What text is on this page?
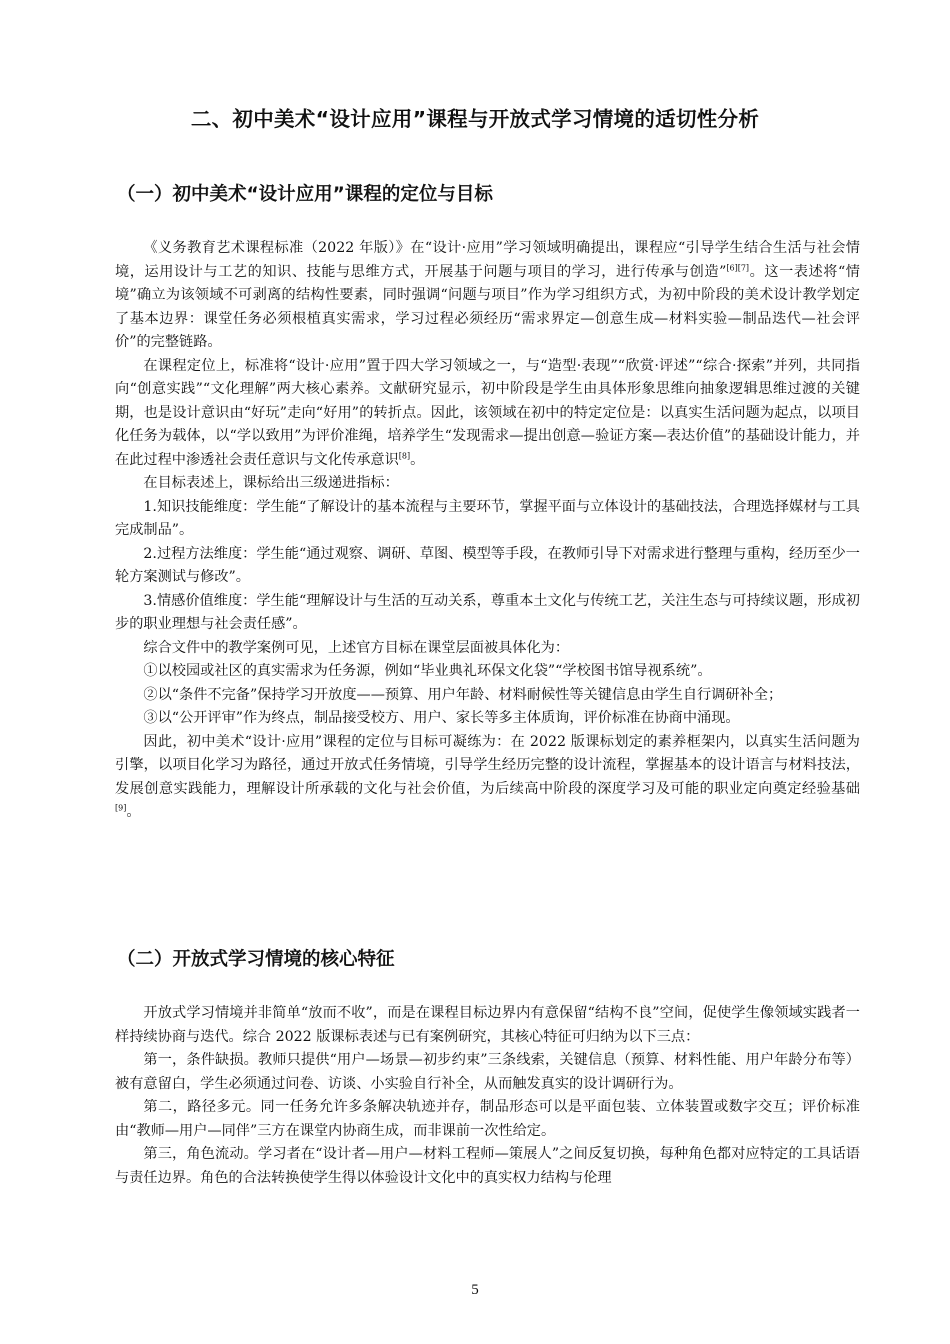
二、初中美术“设计应用”课程与开放式学习情境的适切性分析
（一）初中美术“设计应用”课程的定位与目标

《义务教育艺术课程标准（2022 年版）》在“设计·应用”学习领域明确提出，课程应“引导学生结合生活与社会情境，运用设计与工艺的知识、技能与思维方式，开展基于问题与项目的学习，进行传承与创造”[6][7]。这一表述将“情境”确立为该领域不可剥离的结构性要素，同时强调“问题与项目”作为学习组织方式，为初中阶段的美术设计教学划定了基本边界：课堂任务必须根植真实需求，学习过程必须经历“需求界定—创意生成—材料实验—制品迭代—社会评价”的完整链路。

在课程定位上，标准将“设计·应用”置于四大学习领域之一，与“造型·表现”“欣赏·评述”“综合·探索”并列，共同指向“创意实践”“文化理解”两大核心素养。文献研究显示，初中阶段是学生由具体形象思维向抽象逻辑思维过渡的关键期，也是设计意识由“好玩”走向“好用”的转折点。因此，该领域在初中的特定定位是：以真实生活问题为起点，以项目化任务为载体，以“学以致用”为评价准绳，培养学生“发现需求—提出创意—验证方案—表达价值”的基础设计能力，并在此过程中渗透社会责任意识与文化传承意识[8]。

在目标表述上，课标给出三级递进指标：

1.知识技能维度：学生能“了解设计的基本流程与主要环节，掌握平面与立体设计的基础技法，合理选择媒材与工具完成制品”。

2.过程方法维度：学生能“通过观察、调研、草图、模型等手段，在教师引导下对需求进行整理与重构，经历至少一轮方案测试与修改”。

3.情感价值维度：学生能“理解设计与生活的互动关系，尊重本土文化与传统工艺，关注生态与可持续议题，形成初步的职业理想与社会责任感”。

综合文件中的教学案例可见，上述官方目标在课堂层面被具体化为：

①以校园或社区的真实需求为任务源，例如“毕业典礼环保文化袋”“学校图书馆导视系统”。

②以“条件不完备”保持学习开放度——预算、用户年龄、材料耐候性等关键信息由学生自行调研补全；

③以“公开评审”作为终点，制品接受校方、用户、家长等多主体质询，评价标准在协商中涌现。

因此，初中美术“设计·应用”课程的定位与目标可凝练为：在 2022 版课标划定的素养框架内，以真实生活问题为引擎，以项目化学习为路径，通过开放式任务情境，引导学生经历完整的设计流程，掌握基本的设计语言与材料技法，发展创意实践能力，理解设计所承载的文化与社会价值，为后续高中阶段的深度学习及可能的职业定向奠定经验基础[9]。

（二）开放式学习情境的核心特征

开放式学习情境并非简单“放而不收”，而是在课程目标边界内有意保留“结构不良”空间，促使学生像领域实践者一样持续协商与迭代。综合 2022 版课标表述与已有案例研究，其核心特征可归纳为以下三点：

第一，条件缺损。教师只提供“用户—场景—初步约束”三条线索，关键信息（预算、材料性能、用户年龄分布等）被有意留白，学生必须通过问卷、访谈、小实验自行补全，从而触发真实的设计调研行为。

第二，路径多元。同一任务允许多条解决轨迹并存，制品形态可以是平面包装、立体装置或数字交互；评价标准由“教师—用户—同伴”三方在课堂内协商生成，而非课前一次性给定。

第三，角色流动。学习者在“设计者—用户—材料工程师—策展人”之间反复切换，每种角色都对应特定的工具话语与责任边界。角色的合法转换使学生得以体验设计文化中的真实权力结构与伦理

5
